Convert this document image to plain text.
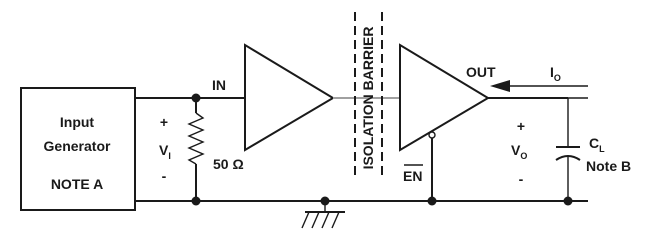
Input
Generator
NOTE A
+
$V_I$
-
IN
50 Ω	ISOLATION BARRIER
EN
OUT	$I_O$
+
$V_O$
-
$C_L$
Note B
